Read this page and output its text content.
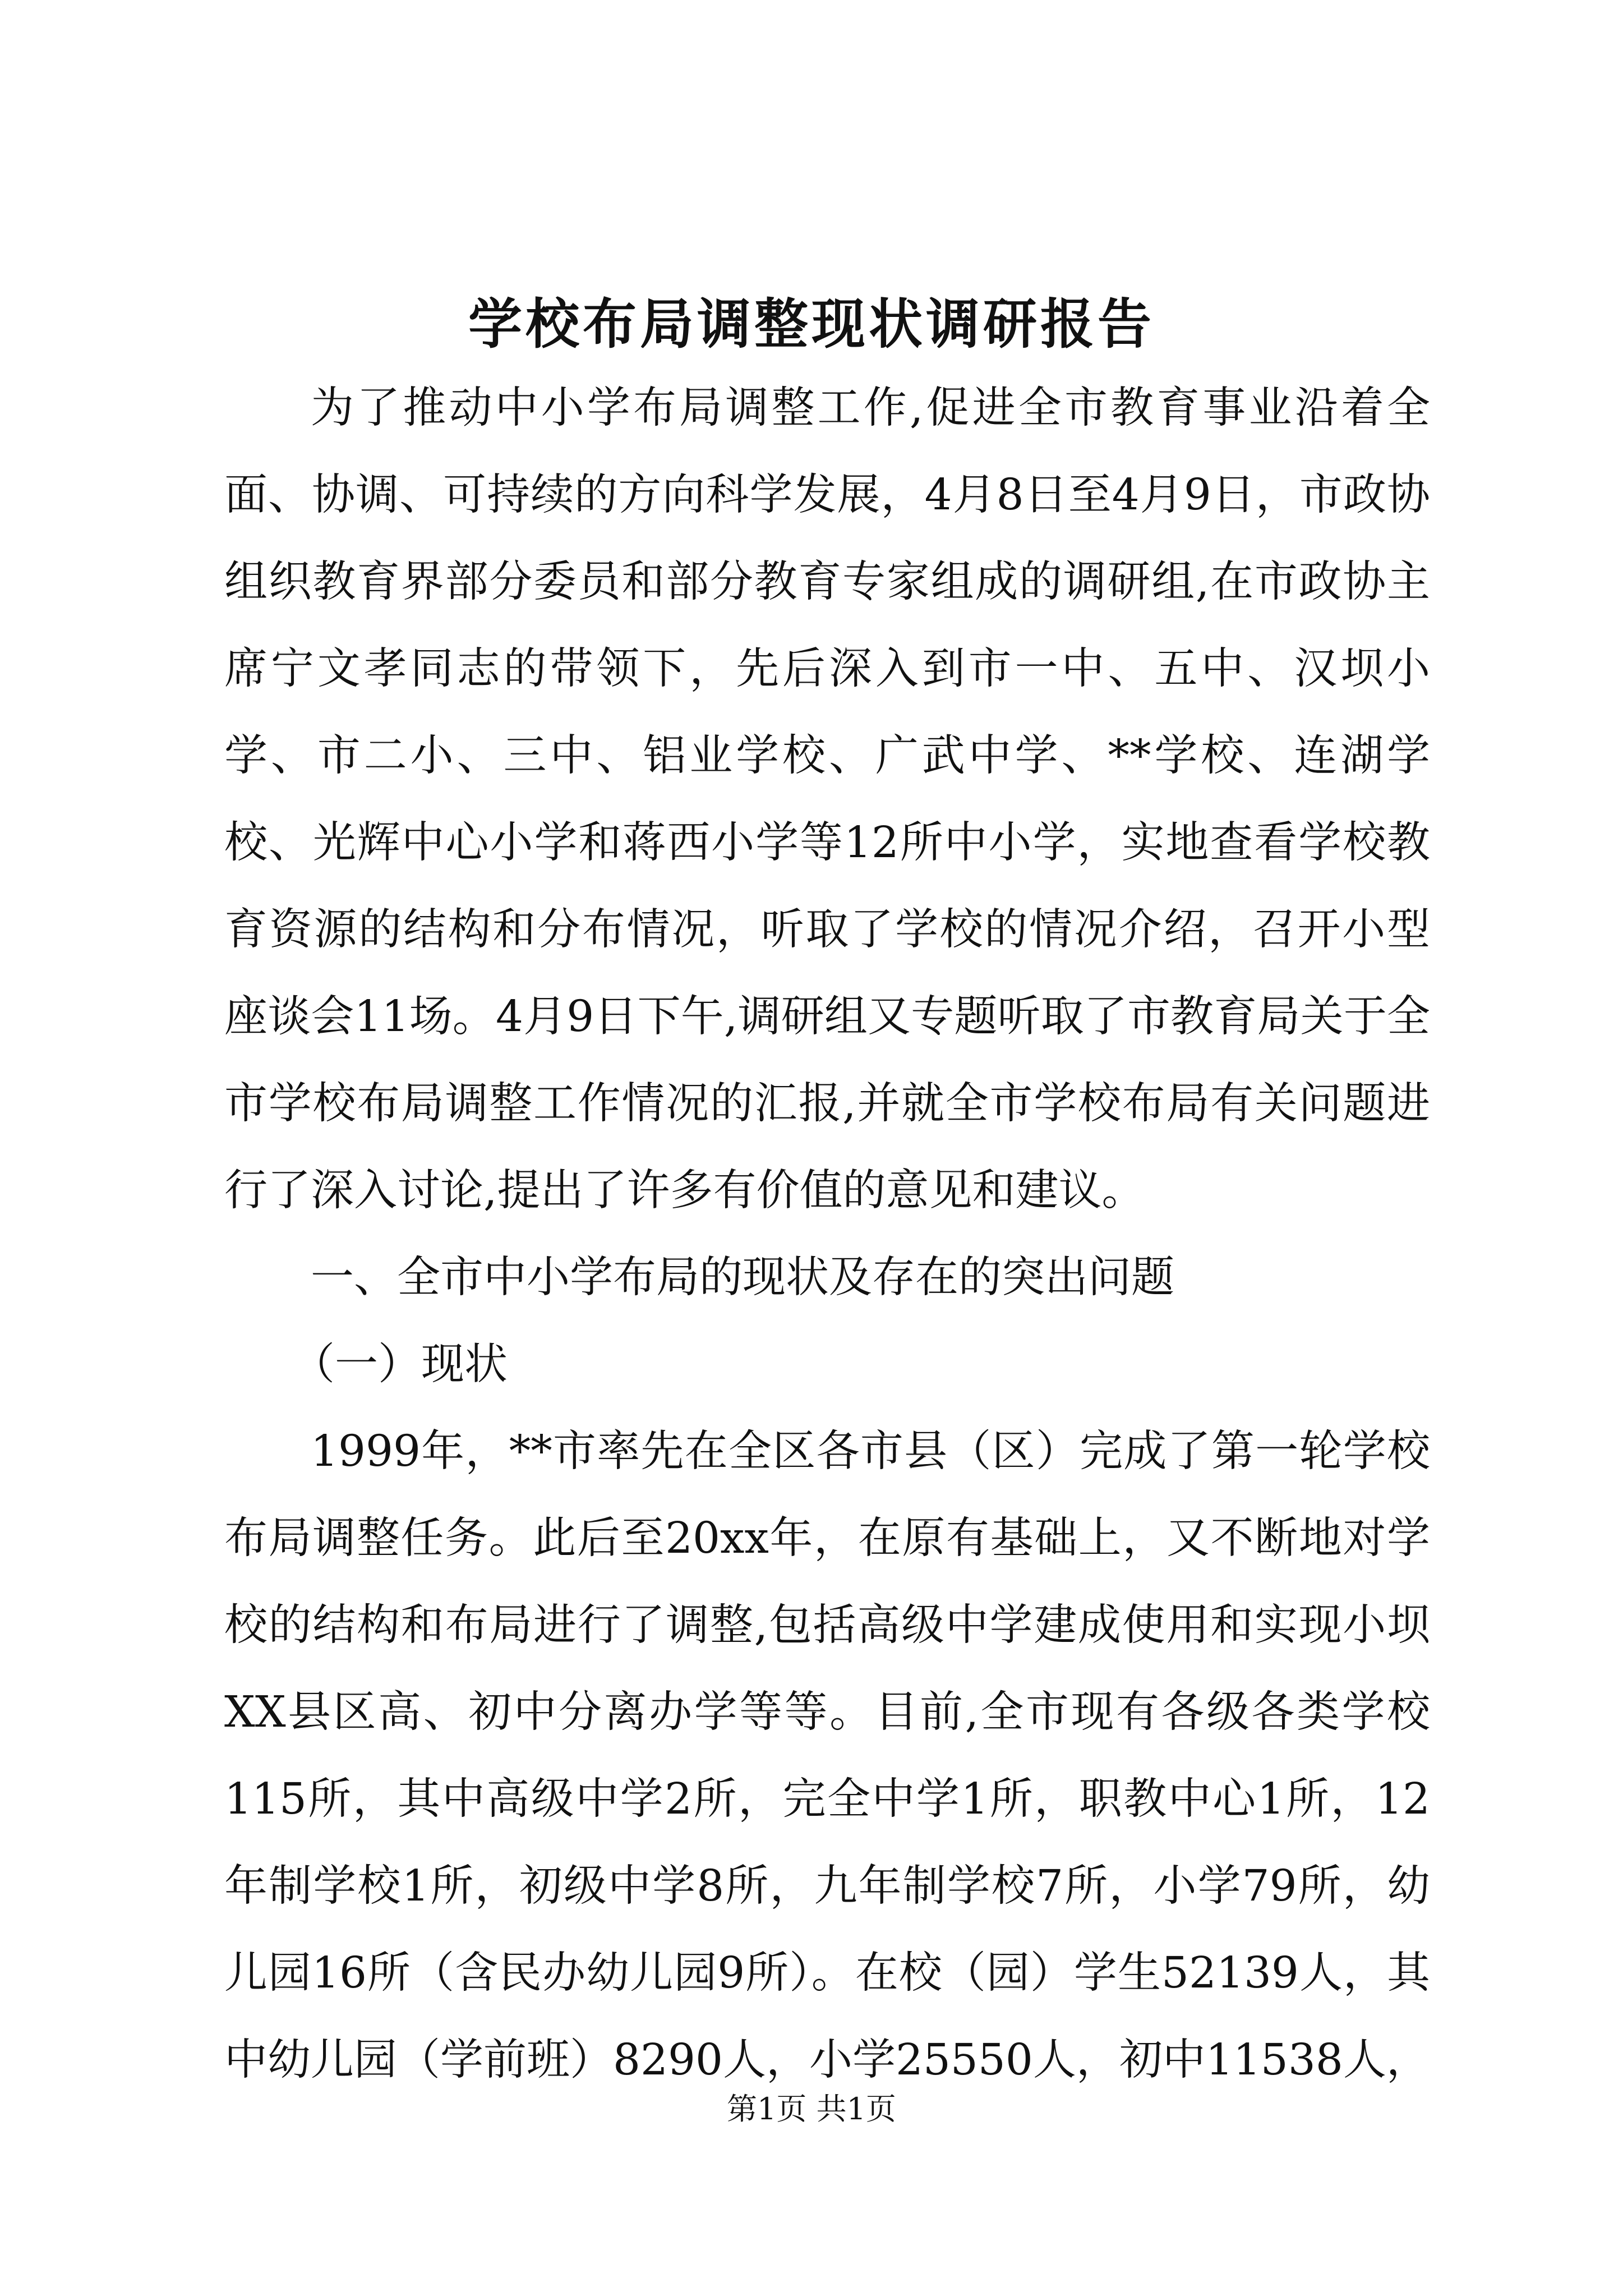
学校布局调整现状调研报告

为了推动中小学布局调整工作,促进全市教育事业沿着全面、协调、可持续的方向科学发展，4月8日至4月9日，市政协组织教育界部分委员和部分教育专家组成的调研组,在市政协主席宁文孝同志的带领下，先后深入到市一中、五中、汉坝小学、市二小、三中、铝业学校、广武中学、**学校、连湖学校、光辉中心小学和蒋西小学等12所中小学，实地查看学校教育资源的结构和分布情况，听取了学校的情况介绍，召开小型座谈会11场。4月9日下午,调研组又专题听取了市教育局关于全市学校布局调整工作情况的汇报,并就全市学校布局有关问题进行了深入讨论,提出了许多有价值的意见和建议。

一、全市中小学布局的现状及存在的突出问题

（一）现状

1999年，**市率先在全区各市县（区）完成了第一轮学校布局调整任务。此后至20xx年，在原有基础上，又不断地对学校的结构和布局进行了调整,包括高级中学建成使用和实现小坝XX县区高、初中分离办学等等。目前,全市现有各级各类学校115所，其中高级中学2所，完全中学1所，职教中心1所，12年制学校1所，初级中学8所，九年制学校7所，小学79所，幼儿园16所（含民办幼儿园9所）。在校（园）学生52139人，其中幼儿园（学前班）8290人，小学25550人，初中11538人，

第1页 共1页
